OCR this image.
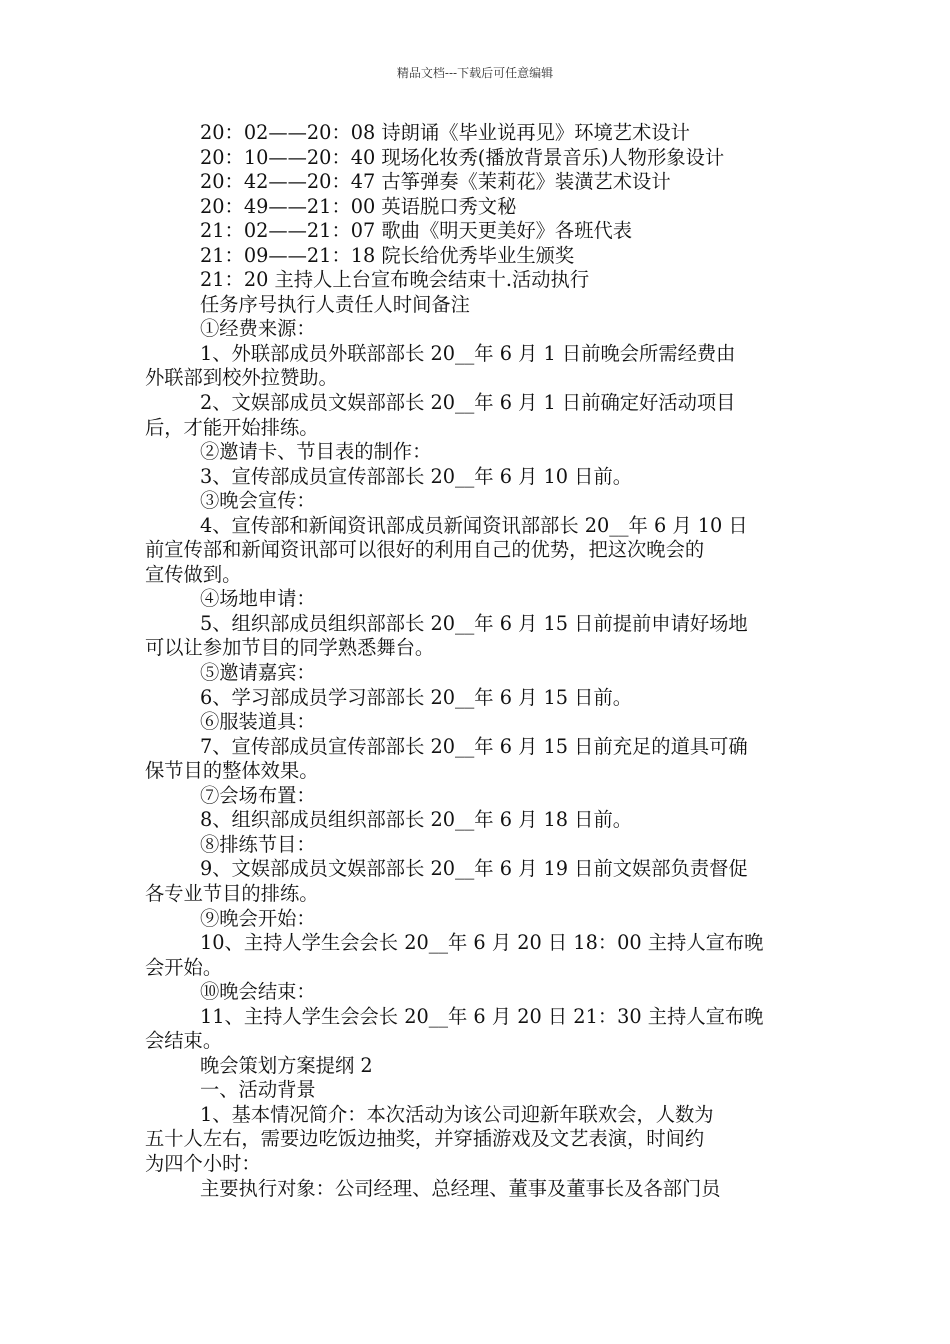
精品文档---下载后可任意编辑
20：02——20：08 诗朗诵《毕业说再见》环境艺术设计
20：10——20：40 现场化妆秀(播放背景音乐)人物形象设计
20：42——20：47 古筝弹奏《茉莉花》装潢艺术设计
20：49——21：00 英语脱口秀文秘
21：02——21：07 歌曲《明天更美好》各班代表
21：09——21：18 院长给优秀毕业生颁奖
21：20 主持人上台宣布晚会结束十.活动执行
任务序号执行人责任人时间备注
①经费来源：
1、外联部成员外联部部长 20__年 6 月 1 日前晚会所需经费由
外联部到校外拉赞助。
2、文娱部成员文娱部部长 20__年 6 月 1 日前确定好活动项目
后，才能开始排练。
②邀请卡、节目表的制作：
3、宣传部成员宣传部部长 20__年 6 月 10 日前。
③晚会宣传：
4、宣传部和新闻资讯部成员新闻资讯部部长 20__年 6 月 10 日
前宣传部和新闻资讯部可以很好的利用自己的优势，把这次晚会的
宣传做到。
④场地申请：
5、组织部成员组织部部长 20__年 6 月 15 日前提前申请好场地
可以让参加节目的同学熟悉舞台。
⑤邀请嘉宾：
6、学习部成员学习部部长 20__年 6 月 15 日前。
⑥服装道具：
7、宣传部成员宣传部部长 20__年 6 月 15 日前充足的道具可确
保节目的整体效果。
⑦会场布置：
8、组织部成员组织部部长 20__年 6 月 18 日前。
⑧排练节目：
9、文娱部成员文娱部部长 20__年 6 月 19 日前文娱部负责督促
各专业节目的排练。
⑨晚会开始：
10、主持人学生会会长 20__年 6 月 20 日 18：00 主持人宣布晚
会开始。
⑩晚会结束：
11、主持人学生会会长 20__年 6 月 20 日 21：30 主持人宣布晚
会结束。
晚会策划方案提纲 2
一、活动背景
1、基本情况简介：本次活动为该公司迎新年联欢会，人数为
五十人左右，需要边吃饭边抽奖，并穿插游戏及文艺表演，时间约
为四个小时：
主要执行对象：公司经理、总经理、董事及董事长及各部门员
